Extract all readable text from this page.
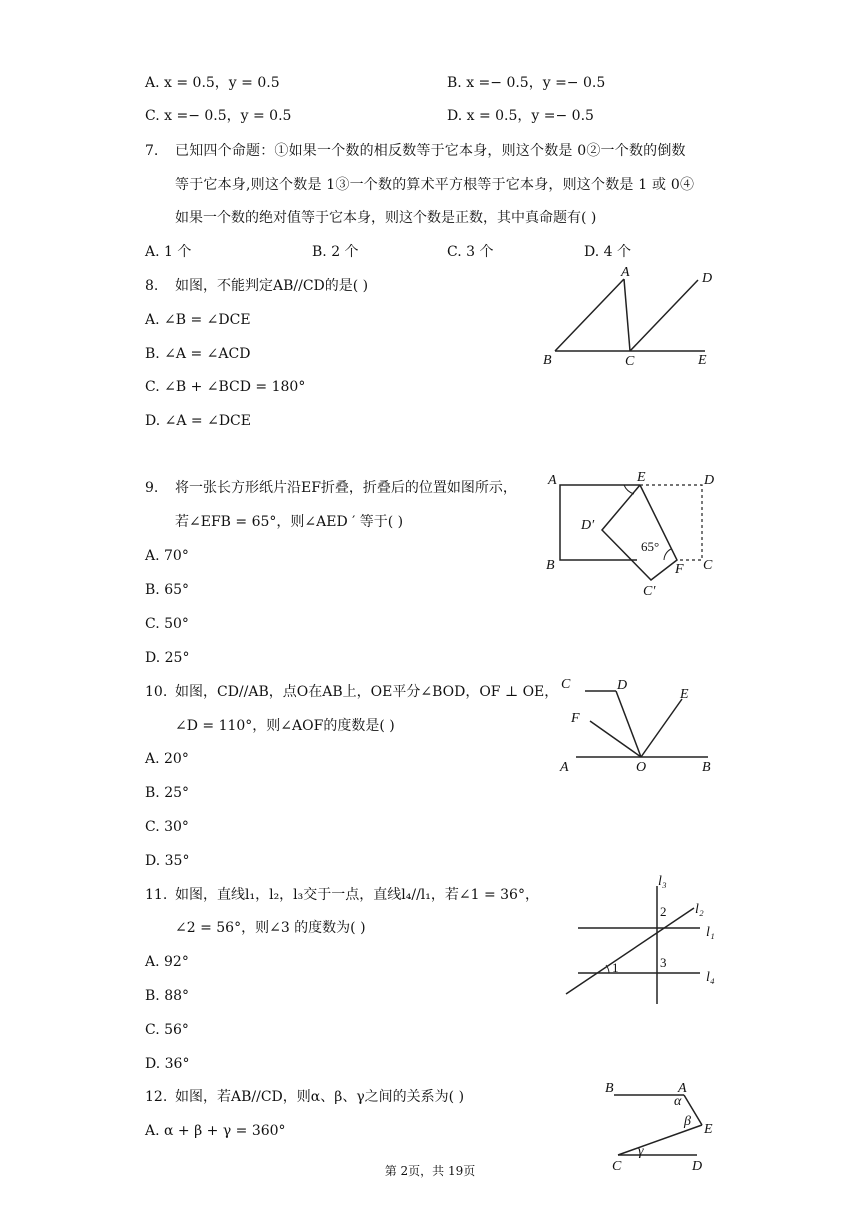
A. x = 0.5，y = 0.5	B. x =− 0.5，y =− 0.5
C. x =− 0.5，y = 0.5	D. x = 0.5，y =− 0.5
7. 已知四个命题：①如果一个数的相反数等于它本身，则这个数是 0②一个数的倒数
等于它本身,则这个数是 1③一个数的算术平方根等于它本身，则这个数是 1 或 0④
如果一个数的绝对值等于它本身，则这个数是正数，其中真命题有( )
A. 1 个	B. 2 个	C. 3 个	D. 4 个
8. 如图，不能判定AB//CD的是( )
A. ∠B = ∠DCE
B. ∠A = ∠ACD
C. ∠B + ∠BCD = 180°
D. ∠A = ∠DCE
A
B	C
D
E
9. 将一张长方形纸片沿EF折叠，折叠后的位置如图所示，
若∠EFB = 65°，则∠AED ′ 等于( )
A. 70°
B. 65°
C. 50°
D. 25°
A	E	D
D′
65°
B	F C
C′
10. 如图，CD//AB，点O在AB上，OE平分∠BOD，OF ⊥ OE，
∠D = 110°，则∠AOF的度数是( )
A. 20°
B. 25°
C. 30°
D. 35°
C	D
E
F
A	O	B
11. 如图，直线l₁，l₂，l₃交于一点，直线l₄//l₁，若∠1 = 36°，
∠2 = 56°，则∠3 的度数为( )
A. 92°
B. 88°
C. 56°
D. 36°
l₃
l₂
l₁
l₄
2
1	3
12. 如图，若AB//CD，则α、β、γ之间的关系为( )
A. α + β + γ = 360°
B	A
α
β
E
γ
C	D
第 2页，共 19页
